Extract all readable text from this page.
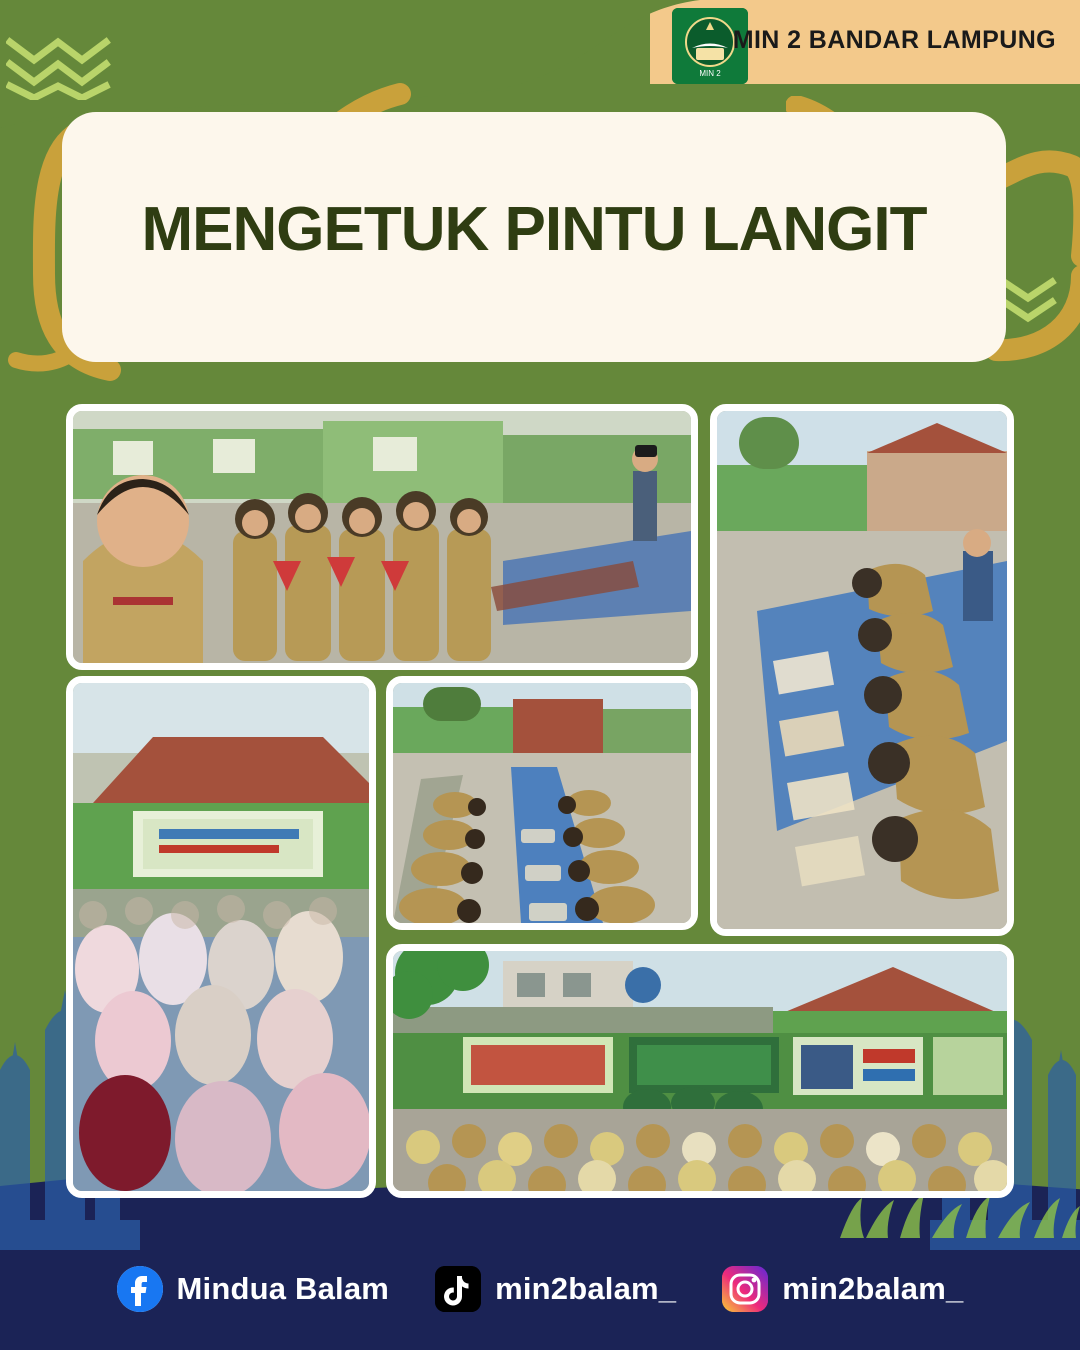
MIN 2
MIN 2 BANDAR LAMPUNG
MENGETUK PINTU LANGIT
Mindua Balam	min2balam_	min2balam_
